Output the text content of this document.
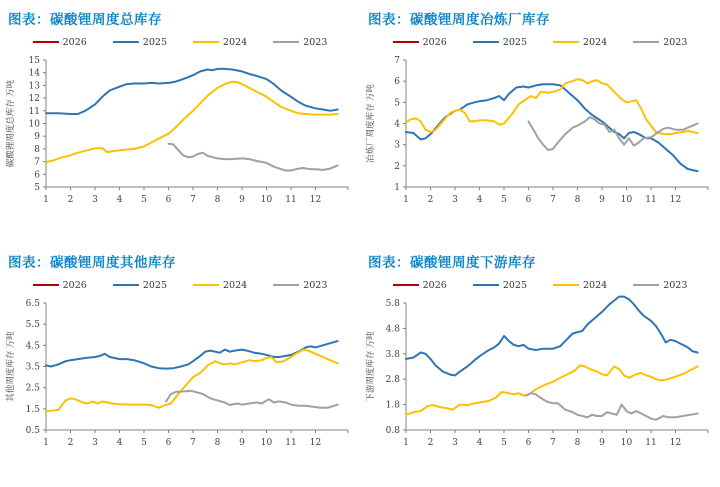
图表：碳酸锂周度总库存
2026	2025	2024	2023
5
6
7
8
9
10
11
12
13
14
15
1 2 3 4 5 6 7 8 9 10 11 12
碳酸锂周度总库存 万吨
图表：碳酸锂周度冶炼厂库存
2026	2025	2024	2023
1
2
3
4
5
6
7
1 2 3 4 5 6 7 8 9 10 11 12
冶炼厂周度库存 万吨
图表：碳酸锂周度其他库存
2026	2025	2024	2023
0.5
1.5
2.5
3.5
4.5
5.5
6.5
1 2 3 4 5 6 7 8 9 10 11 12
其他周度库存 万吨
图表：碳酸锂周度下游库存
2026	2025	2024	2023
0.8
1.8
2.8
3.8
4.8
5.8
1 2 3 4 5 6 7 8 9 10 11 12
下游周度库存 万吨
